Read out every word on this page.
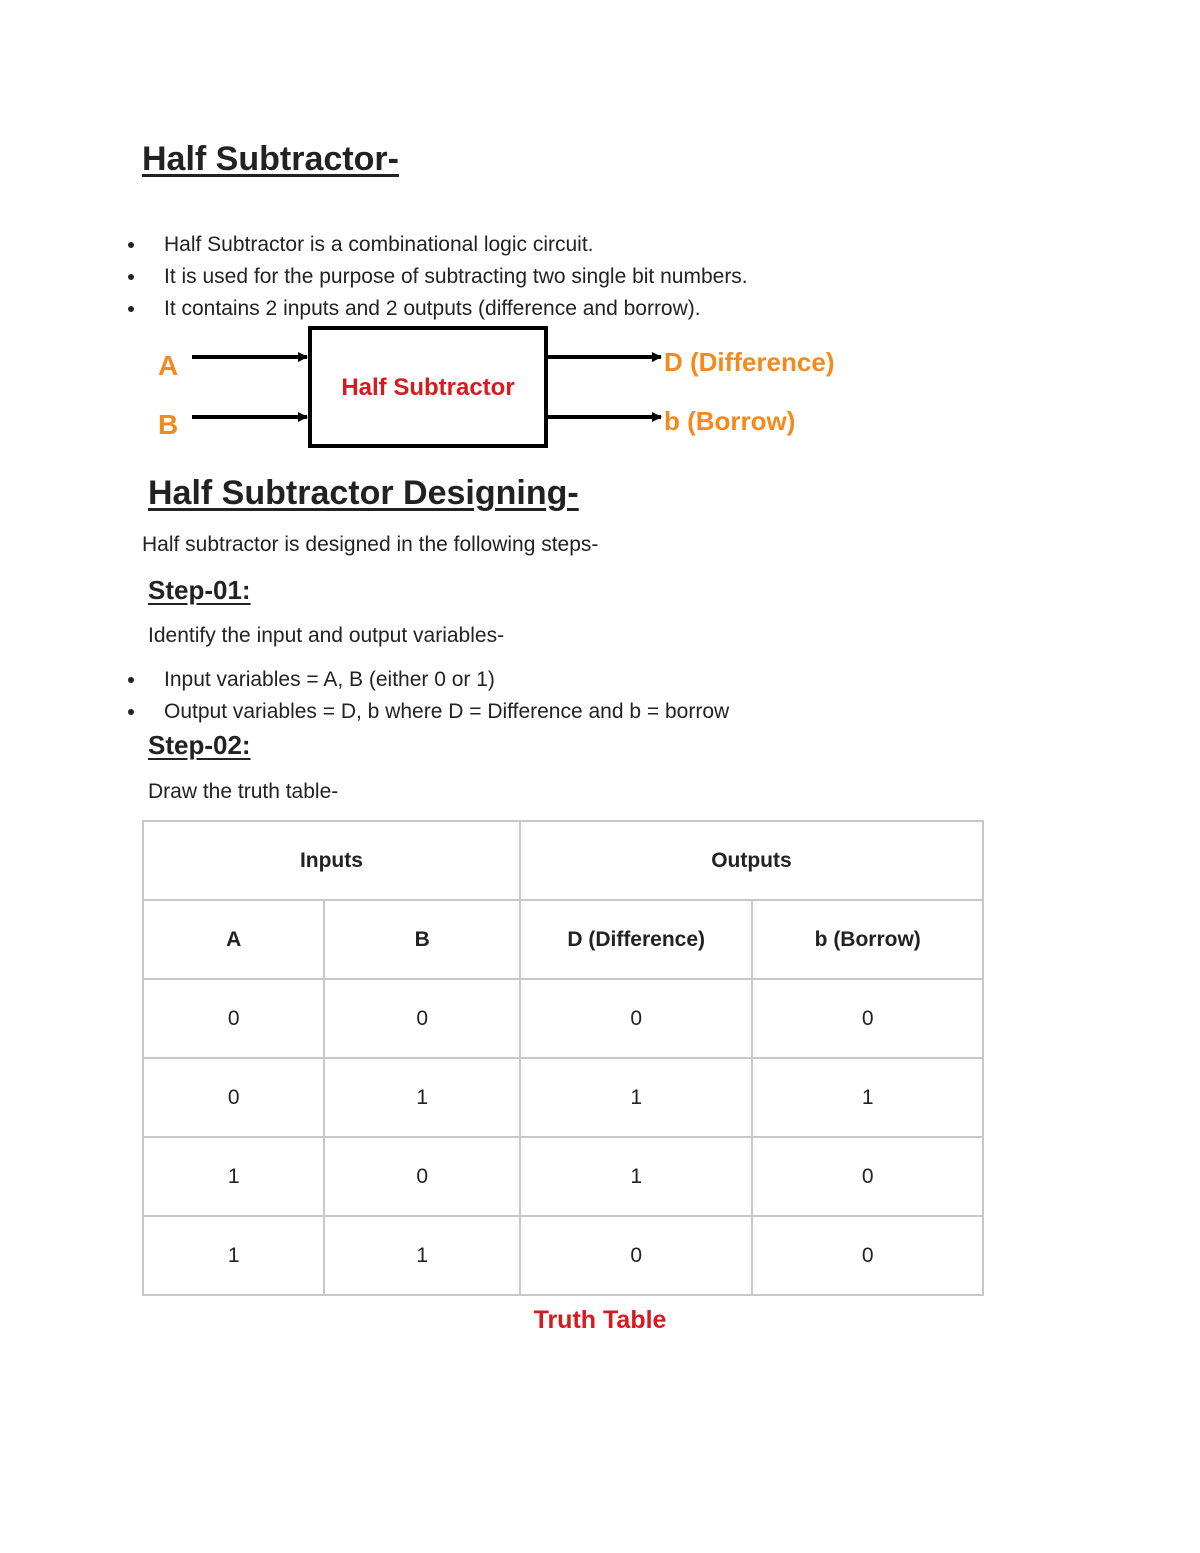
Half Subtractor-
Half Subtractor is a combinational logic circuit.
It is used for the purpose of subtracting two single bit numbers.
It contains 2 inputs and 2 outputs (difference and borrow).
A
B
Half Subtractor
D (Difference)
b (Borrow)
Half Subtractor Designing-
Half subtractor is designed in the following steps-
Step-01:
Identify the input and output variables-
Input variables = A, B (either 0 or 1)
Output variables = D, b where D = Difference and b = borrow
Step-02:
Draw the truth table-
Inputs		Outputs	
A	B	D (Difference)	b (Borrow)
0	0	0	0
0	1	1	1
1	0	1	0
1	1	0	0
Truth Table
